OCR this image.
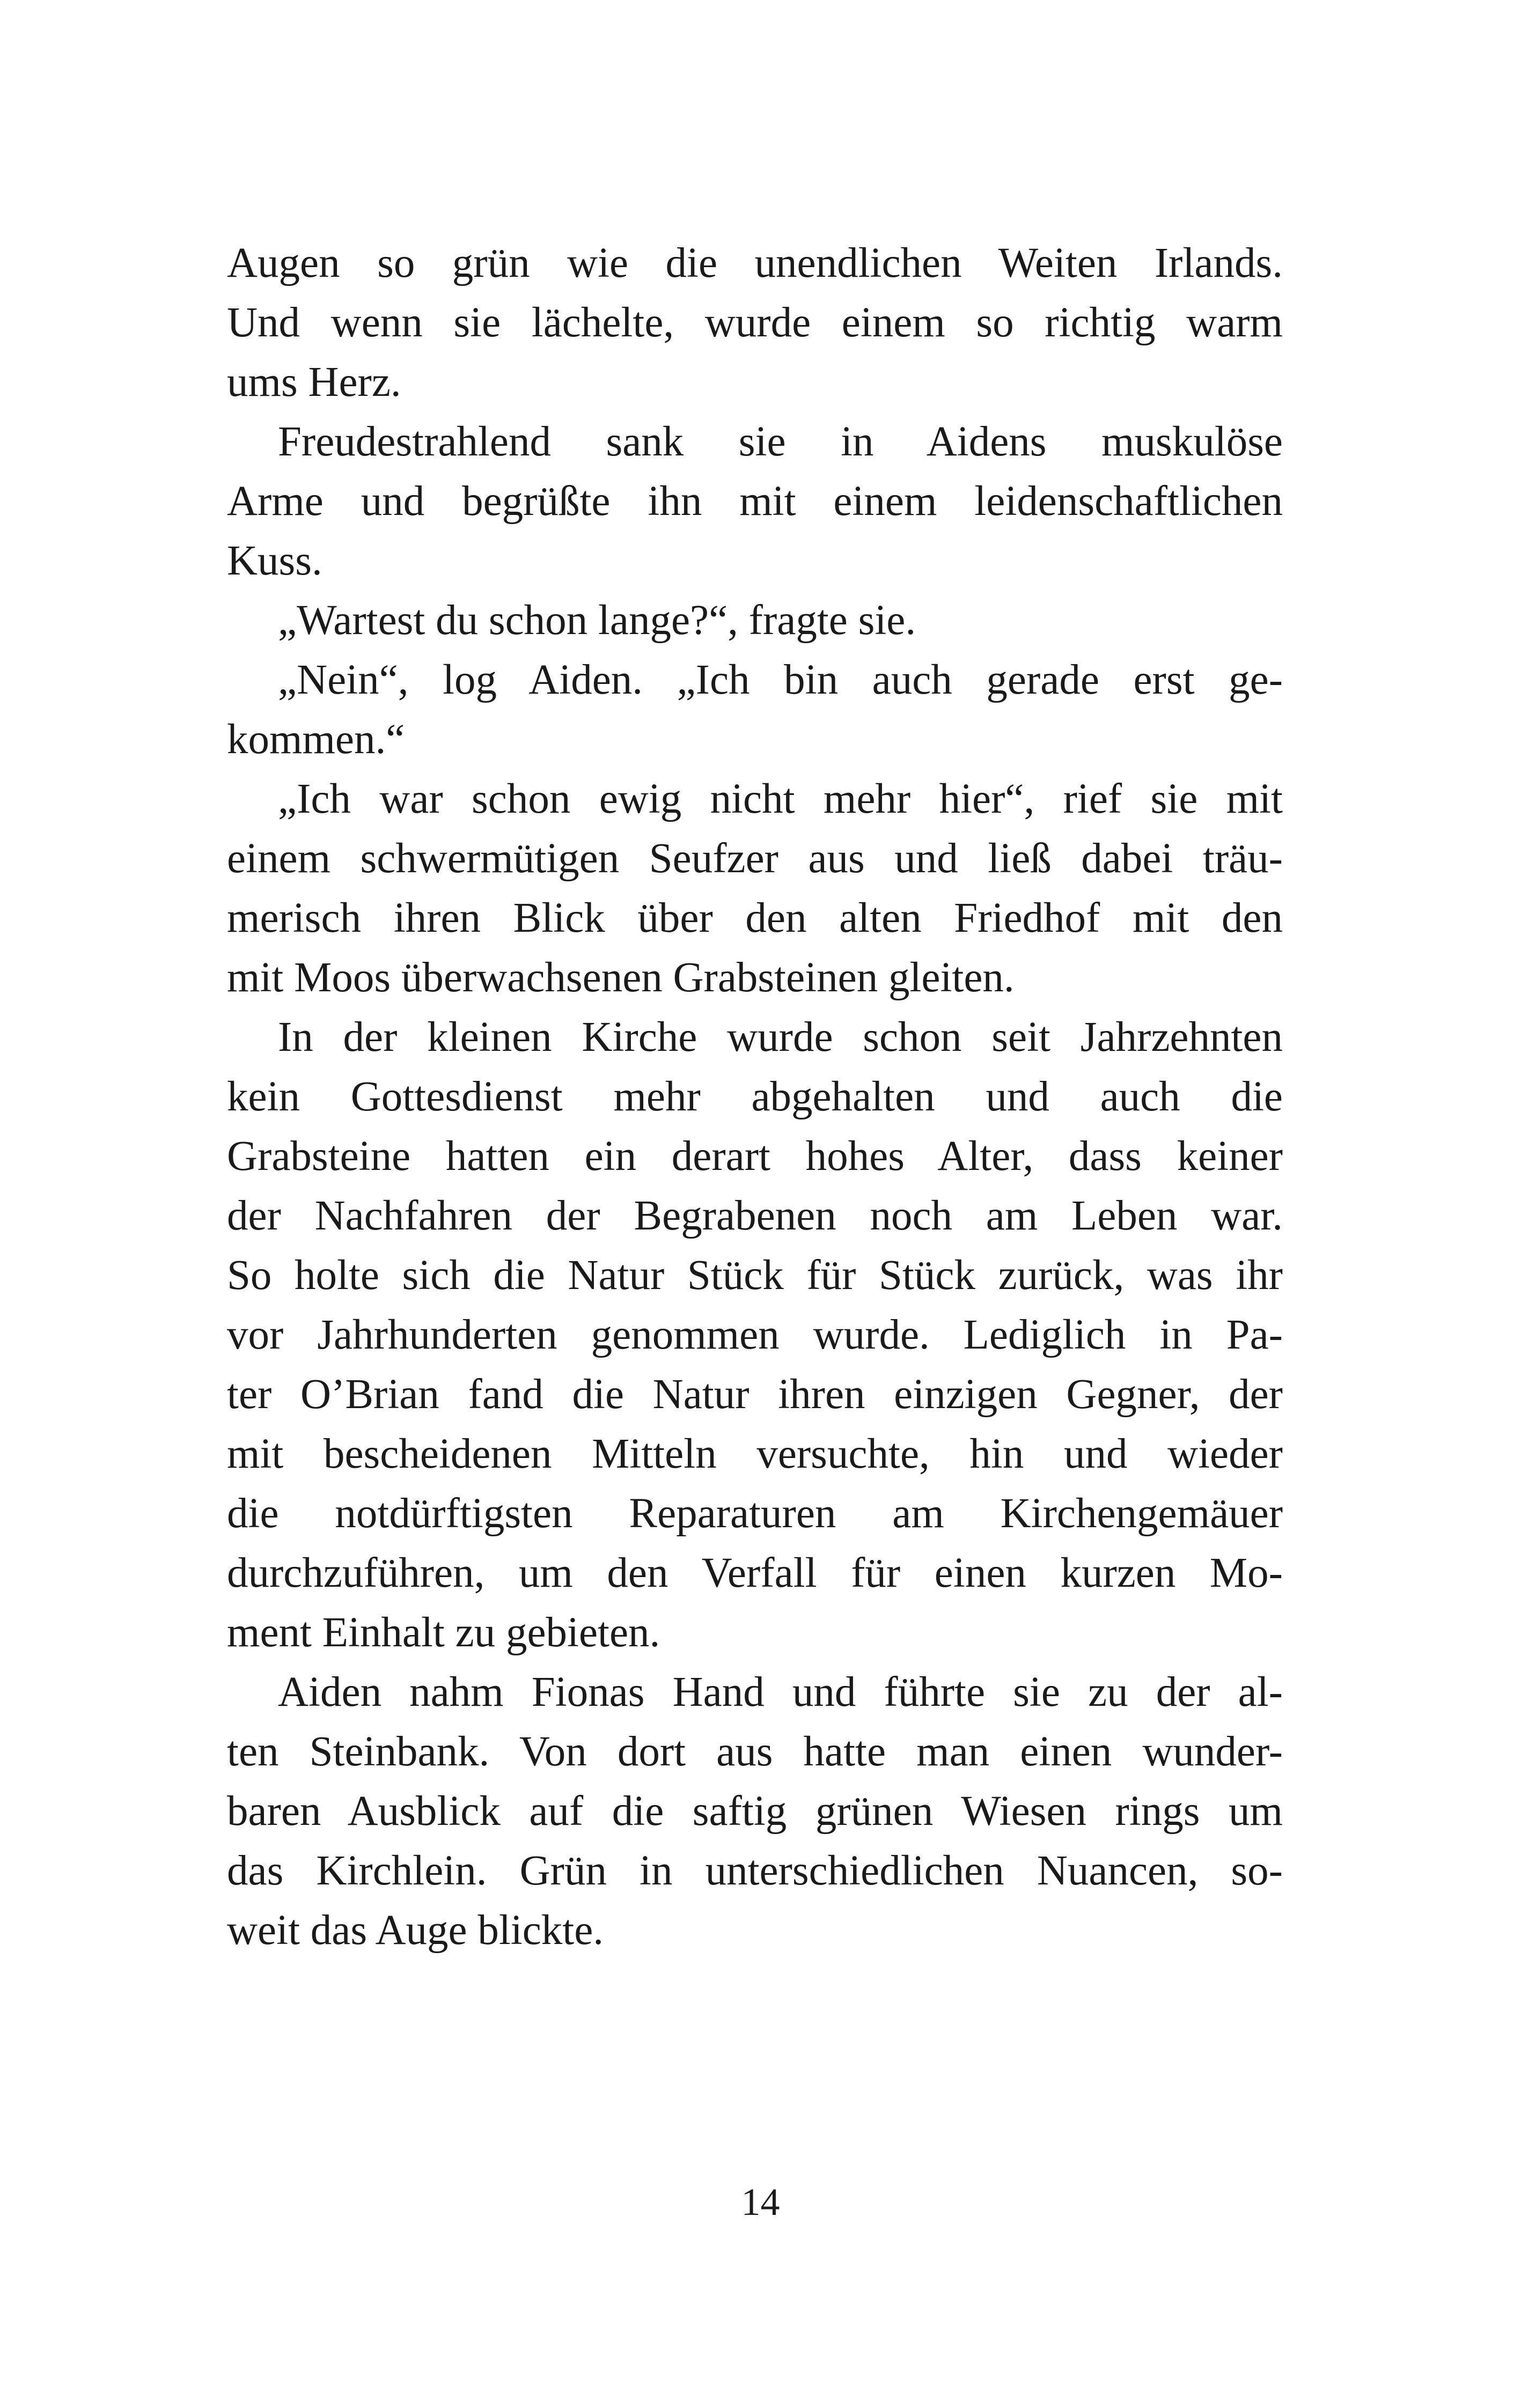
Augen so grün wie die unendlichen Weiten Irlands.
Und wenn sie lächelte, wurde einem so richtig warm
ums Herz.
Freudestrahlend sank sie in Aidens muskulöse
Arme und begrüßte ihn mit einem leidenschaftlichen
Kuss.
„Wartest du schon lange?“, fragte sie.
„Nein“, log Aiden. „Ich bin auch gerade erst ge-
kommen.“
„Ich war schon ewig nicht mehr hier“, rief sie mit
einem schwermütigen Seufzer aus und ließ dabei träu-
merisch ihren Blick über den alten Friedhof mit den
mit Moos überwachsenen Grabsteinen gleiten.
In der kleinen Kirche wurde schon seit Jahrzehnten
kein Gottesdienst mehr abgehalten und auch die
Grabsteine hatten ein derart hohes Alter, dass keiner
der Nachfahren der Begrabenen noch am Leben war.
So holte sich die Natur Stück für Stück zurück, was ihr
vor Jahrhunderten genommen wurde. Lediglich in Pa-
ter O’Brian fand die Natur ihren einzigen Gegner, der
mit bescheidenen Mitteln versuchte, hin und wieder
die notdürftigsten Reparaturen am Kirchengemäuer
durchzuführen, um den Verfall für einen kurzen Mo-
ment Einhalt zu gebieten.
Aiden nahm Fionas Hand und führte sie zu der al-
ten Steinbank. Von dort aus hatte man einen wunder-
baren Ausblick auf die saftig grünen Wiesen rings um
das Kirchlein. Grün in unterschiedlichen Nuancen, so-
weit das Auge blickte.
14
